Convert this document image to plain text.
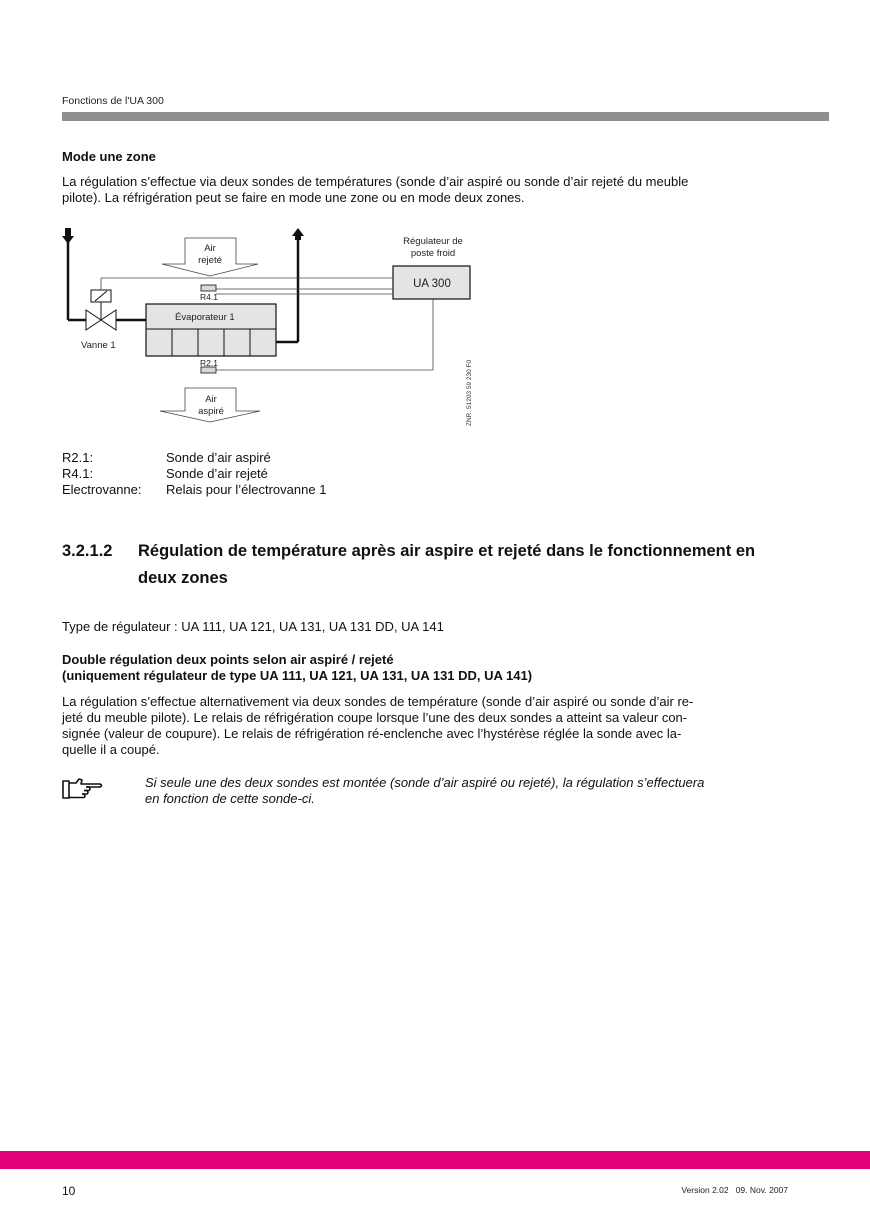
Fonctions de l'UA 300
Mode une zone
La régulation s’effectue via deux sondes de températures (sonde d’air aspiré ou sonde d’air rejeté du meuble
pilote). La réfrigération peut se faire en mode une zone ou en mode deux zones.
Vanne 1
Évaporateur 1
Air
rejeté
Régulateur de
poste froid
UA 300
R4.1
R2.1
Air
aspiré	ZNR. 51203 59 230 F0
R2.1:	Sonde d’air aspiré
R4.1:	Sonde d’air rejeté
Electrovanne:	Relais pour l’électrovanne 1
3.2.1.2 Régulation de température après air aspire et rejeté dans le fonctionnement en
deux zones
Type de régulateur : UA 111, UA 121, UA 131, UA 131 DD, UA 141
Double régulation deux points selon air aspiré / rejeté
(uniquement régulateur de type UA 111, UA 121, UA 131, UA 131 DD, UA 141)
La régulation s’effectue alternativement via deux sondes de température (sonde d’air aspiré ou sonde d’air re-
jeté du meuble pilote). Le relais de réfrigération coupe lorsque l’une des deux sondes a atteint sa valeur con-
signée (valeur de coupure). Le relais de réfrigération ré-enclenche avec l’hystérèse réglée la sonde avec la-
quelle il a coupé.
Si seule une des deux sondes est montée (sonde d’air aspiré ou rejeté), la régulation s’effectuera
en fonction de cette sonde-ci.
10	Version 2.02   09. Nov. 2007
